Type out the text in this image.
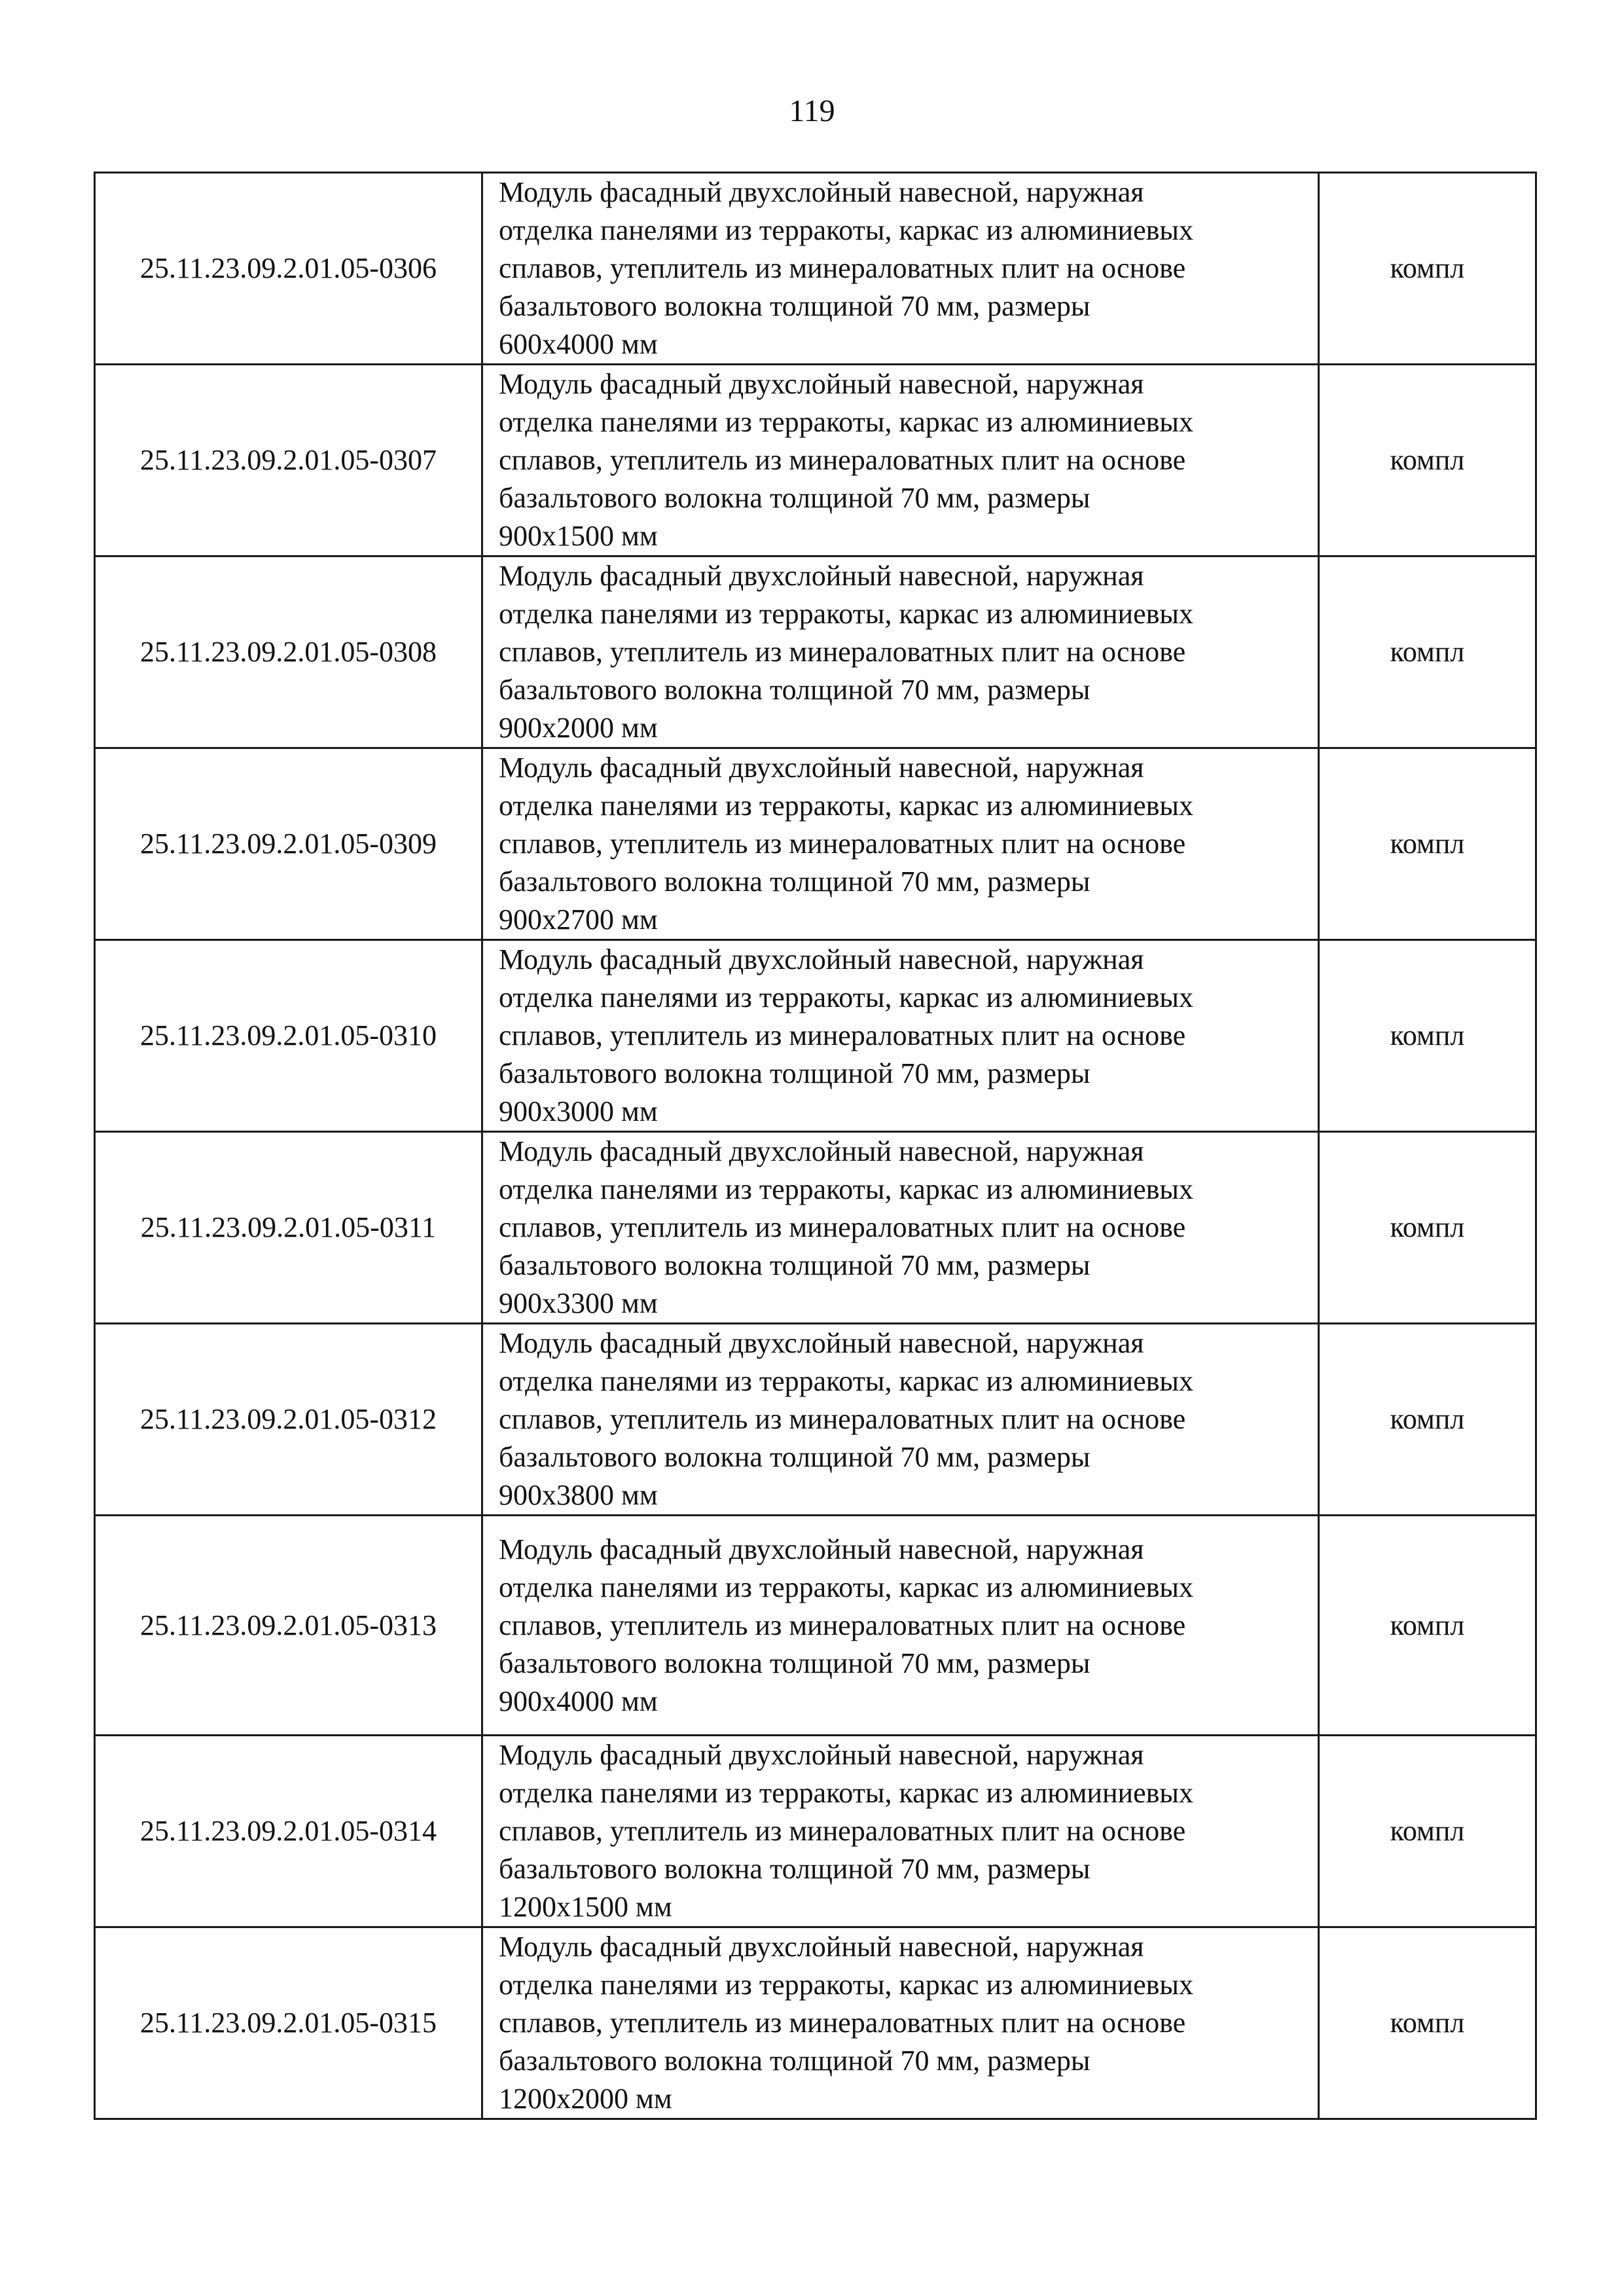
119
25.11.23.09.2.01.05-0306	Модуль фасадный двухслойный навесной, наружная
отделка панелями из терракоты, каркас из алюминиевых
сплавов, утеплитель из минераловатных плит на основе
базальтового волокна толщиной 70 мм, размеры
600х4000 мм	компл
25.11.23.09.2.01.05-0307	Модуль фасадный двухслойный навесной, наружная
отделка панелями из терракоты, каркас из алюминиевых
сплавов, утеплитель из минераловатных плит на основе
базальтового волокна толщиной 70 мм, размеры
900х1500 мм	компл
25.11.23.09.2.01.05-0308	Модуль фасадный двухслойный навесной, наружная
отделка панелями из терракоты, каркас из алюминиевых
сплавов, утеплитель из минераловатных плит на основе
базальтового волокна толщиной 70 мм, размеры
900х2000 мм	компл
25.11.23.09.2.01.05-0309	Модуль фасадный двухслойный навесной, наружная
отделка панелями из терракоты, каркас из алюминиевых
сплавов, утеплитель из минераловатных плит на основе
базальтового волокна толщиной 70 мм, размеры
900х2700 мм	компл
25.11.23.09.2.01.05-0310	Модуль фасадный двухслойный навесной, наружная
отделка панелями из терракоты, каркас из алюминиевых
сплавов, утеплитель из минераловатных плит на основе
базальтового волокна толщиной 70 мм, размеры
900х3000 мм	компл
25.11.23.09.2.01.05-0311	Модуль фасадный двухслойный навесной, наружная
отделка панелями из терракоты, каркас из алюминиевых
сплавов, утеплитель из минераловатных плит на основе
базальтового волокна толщиной 70 мм, размеры
900х3300 мм	компл
25.11.23.09.2.01.05-0312	Модуль фасадный двухслойный навесной, наружная
отделка панелями из терракоты, каркас из алюминиевых
сплавов, утеплитель из минераловатных плит на основе
базальтового волокна толщиной 70 мм, размеры
900х3800 мм	компл
25.11.23.09.2.01.05-0313	Модуль фасадный двухслойный навесной, наружная
отделка панелями из терракоты, каркас из алюминиевых
сплавов, утеплитель из минераловатных плит на основе
базальтового волокна толщиной 70 мм, размеры
900х4000 мм	компл
25.11.23.09.2.01.05-0314	Модуль фасадный двухслойный навесной, наружная
отделка панелями из терракоты, каркас из алюминиевых
сплавов, утеплитель из минераловатных плит на основе
базальтового волокна толщиной 70 мм, размеры
1200х1500 мм	компл
25.11.23.09.2.01.05-0315	Модуль фасадный двухслойный навесной, наружная
отделка панелями из терракоты, каркас из алюминиевых
сплавов, утеплитель из минераловатных плит на основе
базальтового волокна толщиной 70 мм, размеры
1200х2000 мм	компл
